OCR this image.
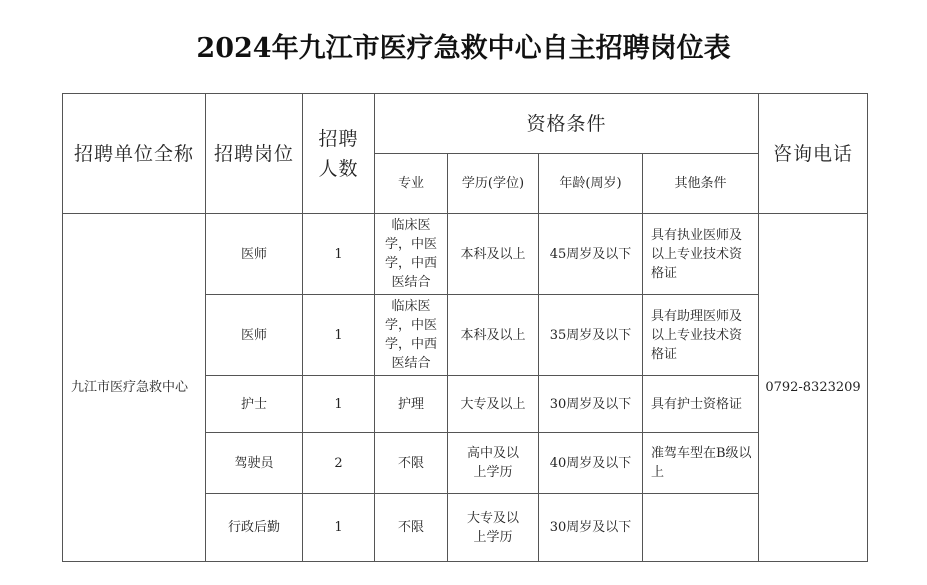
2024年九江市医疗急救中心自主招聘岗位表
招聘单位全称	招聘岗位	招聘人数	资格条件				咨询电话
			专业	学历(学位)	年龄(周岁)	其他条件	
九江市医疗急救中心	医师	1	临床医学，中医学，中西医结合	本科及以上	45周岁及以下	具有执业医师及以上专业技术资格证	0792-8323209
	医师	1	临床医学，中医学，中西医结合	本科及以上	35周岁及以下	具有助理医师及以上专业技术资格证	
	护士	1	护理	大专及以上	30周岁及以下	具有护士资格证	
	驾驶员	2	不限	高中及以上学历	40周岁及以下	准驾车型在B级以上	
	行政后勤	1	不限	大专及以上学历	30周岁及以下		
